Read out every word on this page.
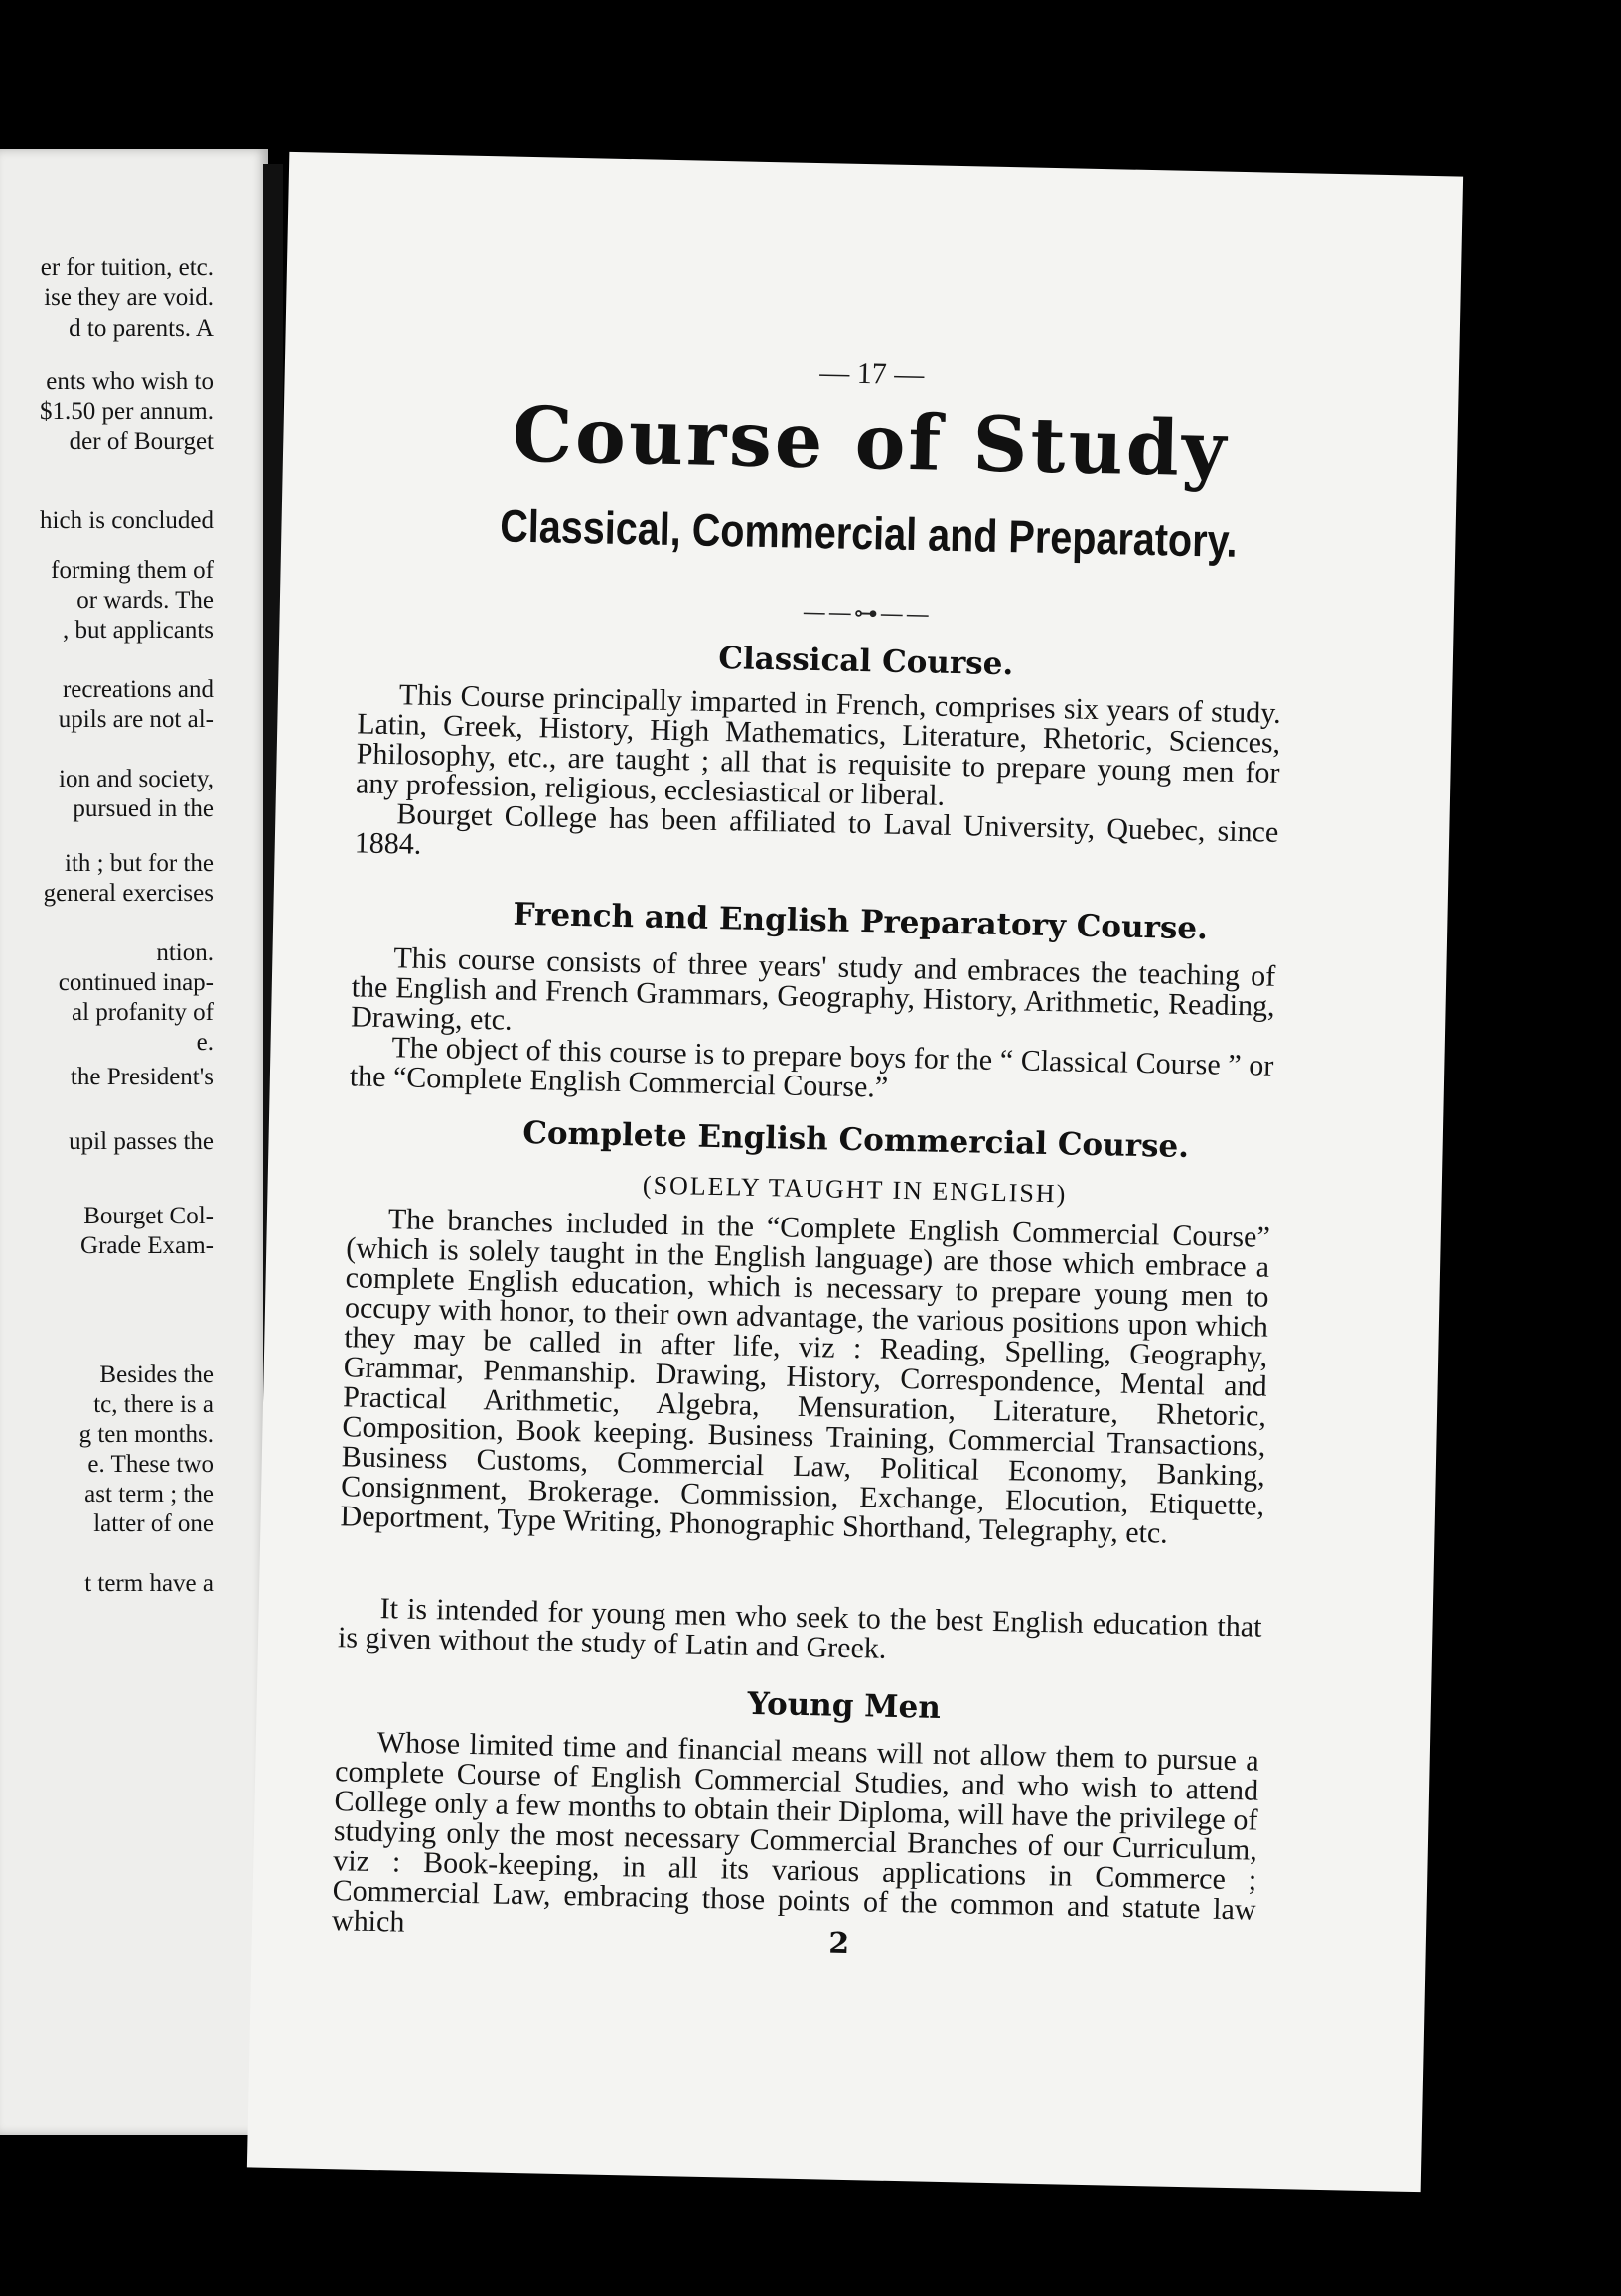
er for tuition, etc.
ise they are void.
d to parents. A
ents who wish to
$1.50 per annum.
der of Bourget
hich is concluded
forming them of
or wards. The
, but applicants
recreations and
upils are not al-
ion and society,
pursued in the
ith ; but for the
general exercises
ntion.
continued inap-
al profanity of
e.
the President's
upil passes the
Bourget Col-
Grade Exam-
Besides the
tc, there is a
g ten months.
e. These two
ast term ; the
latter of one
t term have a
— 17 —
Course of Study
Classical, Commercial and Preparatory.
——⊶——
Classical Course.
This Course principally imparted in French, comprises six years of study. Latin, Greek, History, High Mathematics, Literature, Rhetoric, Sciences, Philosophy, etc., are taught ; all that is requisite to prepare young men for any profession, religious, ecclesiastical or liberal.
Bourget College has been affiliated to Laval University, Quebec, since 1884.
French and English Preparatory Course.
This course consists of three years' study and embraces the teaching of the English and French Grammars, Geography, History, Arithmetic, Reading, Drawing, etc.
The object of this course is to prepare boys for the “ Classical Course ” or the “Complete English Commercial Course.”
Complete English Commercial Course.
(SOLELY TAUGHT IN ENGLISH)
The branches included in the “Complete English Commercial Course” (which is solely taught in the English language) are those which embrace a complete English education, which is necessary to prepare young men to occupy with honor, to their own advantage, the various positions upon which they may be called in after life, viz : Reading, Spelling, Geography, Grammar, Penmanship. Drawing, History, Correspondence, Mental and Practical Arithmetic, Algebra, Mensuration, Literature, Rhetoric, Composition, Book keeping. Business Training, Commercial Transactions, Business Customs, Commercial Law, Political Economy, Banking, Consignment, Brokerage. Commission, Exchange, Elocution, Etiquette, Deportment, Type Writing, Phonographic Shorthand, Telegraphy, etc.
It is intended for young men who seek to the best English education that is given without the study of Latin and Greek.
Young Men
Whose limited time and financial means will not allow them to pursue a complete Course of English Commercial Studies, and who wish to attend College only a few months to obtain their Diploma, will have the privilege of studying only the most necessary Commercial Branches of our Curriculum, viz : Book-keeping, in all its various applications in Commerce ; Commercial Law, embracing those points of the common and statute law which
2
